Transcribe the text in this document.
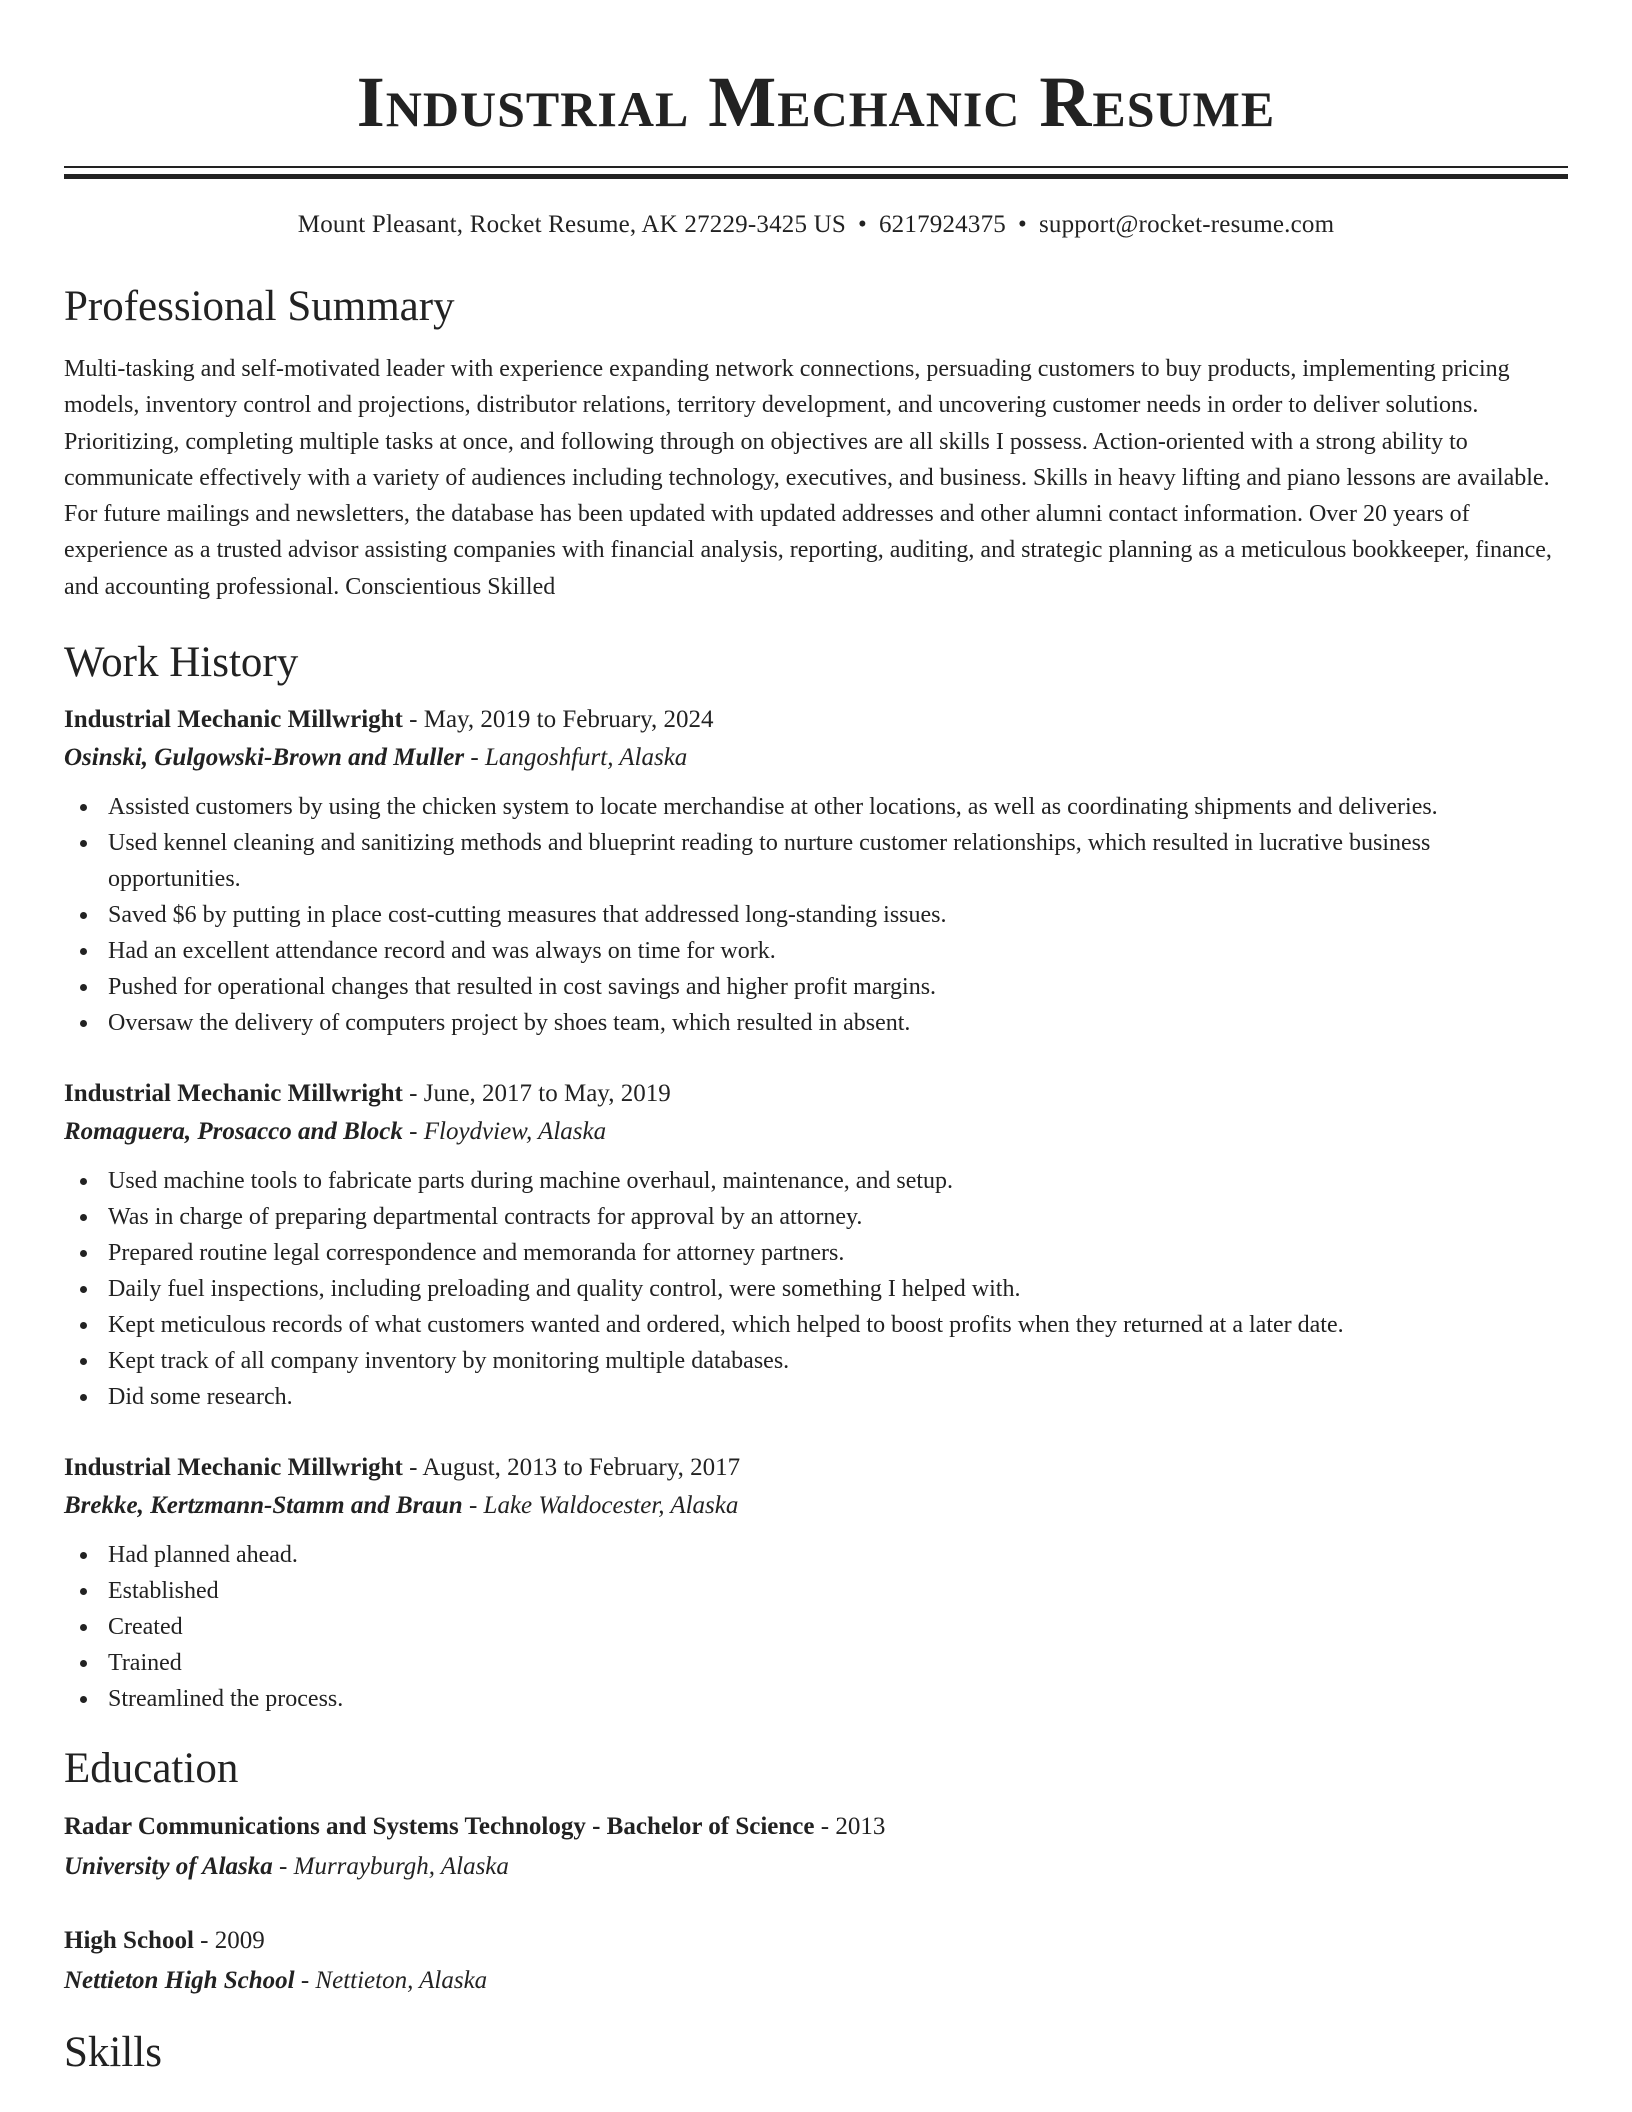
Industrial Mechanic Resume
Mount Pleasant, Rocket Resume, AK 27229-3425 US • 6217924375 • support@rocket-resume.com
Professional Summary
Multi-tasking and self-motivated leader with experience expanding network connections, persuading customers to buy products, implementing pricing models, inventory control and projections, distributor relations, territory development, and uncovering customer needs in order to deliver solutions. Prioritizing, completing multiple tasks at once, and following through on objectives are all skills I possess. Action-oriented with a strong ability to communicate effectively with a variety of audiences including technology, executives, and business. Skills in heavy lifting and piano lessons are available. For future mailings and newsletters, the database has been updated with updated addresses and other alumni contact information. Over 20 years of experience as a trusted advisor assisting companies with financial analysis, reporting, auditing, and strategic planning as a meticulous bookkeeper, finance, and accounting professional. Conscientious Skilled
Work History
Industrial Mechanic Millwright - May, 2019 to February, 2024
Osinski, Gulgowski-Brown and Muller - Langoshfurt, Alaska
Assisted customers by using the chicken system to locate merchandise at other locations, as well as coordinating shipments and deliveries.
Used kennel cleaning and sanitizing methods and blueprint reading to nurture customer relationships, which resulted in lucrative business opportunities.
Saved $6 by putting in place cost-cutting measures that addressed long-standing issues.
Had an excellent attendance record and was always on time for work.
Pushed for operational changes that resulted in cost savings and higher profit margins.
Oversaw the delivery of computers project by shoes team, which resulted in absent.
Industrial Mechanic Millwright - June, 2017 to May, 2019
Romaguera, Prosacco and Block - Floydview, Alaska
Used machine tools to fabricate parts during machine overhaul, maintenance, and setup.
Was in charge of preparing departmental contracts for approval by an attorney.
Prepared routine legal correspondence and memoranda for attorney partners.
Daily fuel inspections, including preloading and quality control, were something I helped with.
Kept meticulous records of what customers wanted and ordered, which helped to boost profits when they returned at a later date.
Kept track of all company inventory by monitoring multiple databases.
Did some research.
Industrial Mechanic Millwright - August, 2013 to February, 2017
Brekke, Kertzmann-Stamm and Braun - Lake Waldocester, Alaska
Had planned ahead.
Established
Created
Trained
Streamlined the process.
Education
Radar Communications and Systems Technology - Bachelor of Science - 2013
University of Alaska - Murrayburgh, Alaska
High School - 2009
Nettieton High School - Nettieton, Alaska
Skills
